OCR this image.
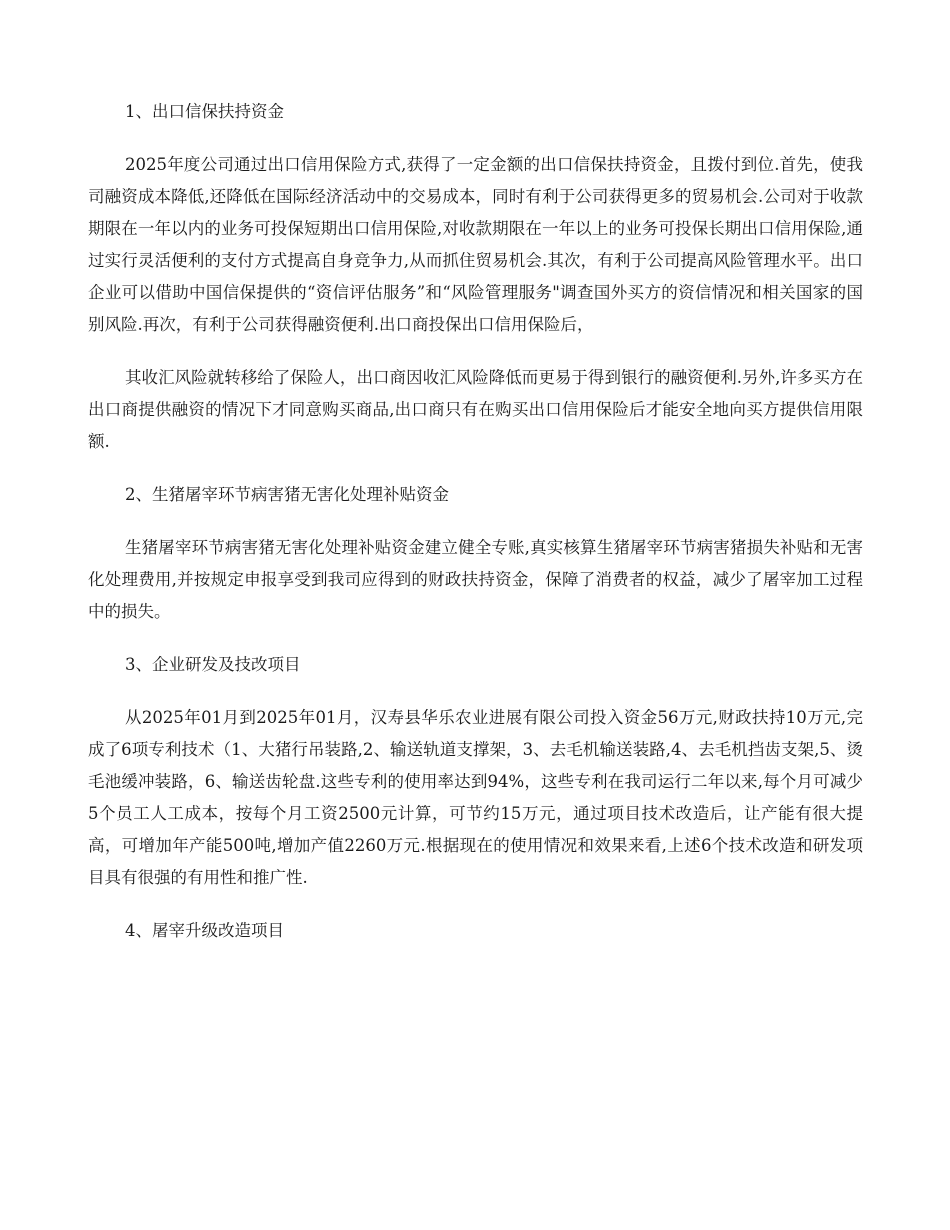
1、出口信保扶持资金
2025年度公司通过出口信用保险方式,获得了一定金额的出口信保扶持资金，且拨付到位.首先，使我司融资成本降低,还降低在国际经济活动中的交易成本，同时有利于公司获得更多的贸易机会.公司对于收款期限在一年以内的业务可投保短期出口信用保险,对收款期限在一年以上的业务可投保长期出口信用保险,通过实行灵活便利的支付方式提高自身竞争力,从而抓住贸易机会.其次，有利于公司提高风险管理水平。出口企业可以借助中国信保提供的“资信评估服务”和“风险管理服务"调查国外买方的资信情况和相关国家的国别风险.再次，有利于公司获得融资便利.出口商投保出口信用保险后，
其收汇风险就转移给了保险人，出口商因收汇风险降低而更易于得到银行的融资便利.另外,许多买方在出口商提供融资的情况下才同意购买商品,出口商只有在购买出口信用保险后才能安全地向买方提供信用限额.
2、生猪屠宰环节病害猪无害化处理补贴资金
生猪屠宰环节病害猪无害化处理补贴资金建立健全专账,真实核算生猪屠宰环节病害猪损失补贴和无害化处理费用,并按规定申报享受到我司应得到的财政扶持资金，保障了消费者的权益，减少了屠宰加工过程中的损失。
3、企业研发及技改项目
从2025年01月到2025年01月，汉寿县华乐农业进展有限公司投入资金56万元,财政扶持10万元,完成了6项专利技术（1、大猪行吊装路,2、输送轨道支撑架，3、去毛机输送装路,4、去毛机挡齿支架,5、烫毛池缓冲装路，6、输送齿轮盘.这些专利的使用率达到94%，这些专利在我司运行二年以来,每个月可减少5个员工人工成本，按每个月工资2500元计算，可节约15万元，通过项目技术改造后，让产能有很大提高，可增加年产能500吨,增加产值2260万元.根据现在的使用情况和效果来看,上述6个技术改造和研发项目具有很强的有用性和推广性.
4、屠宰升级改造项目
